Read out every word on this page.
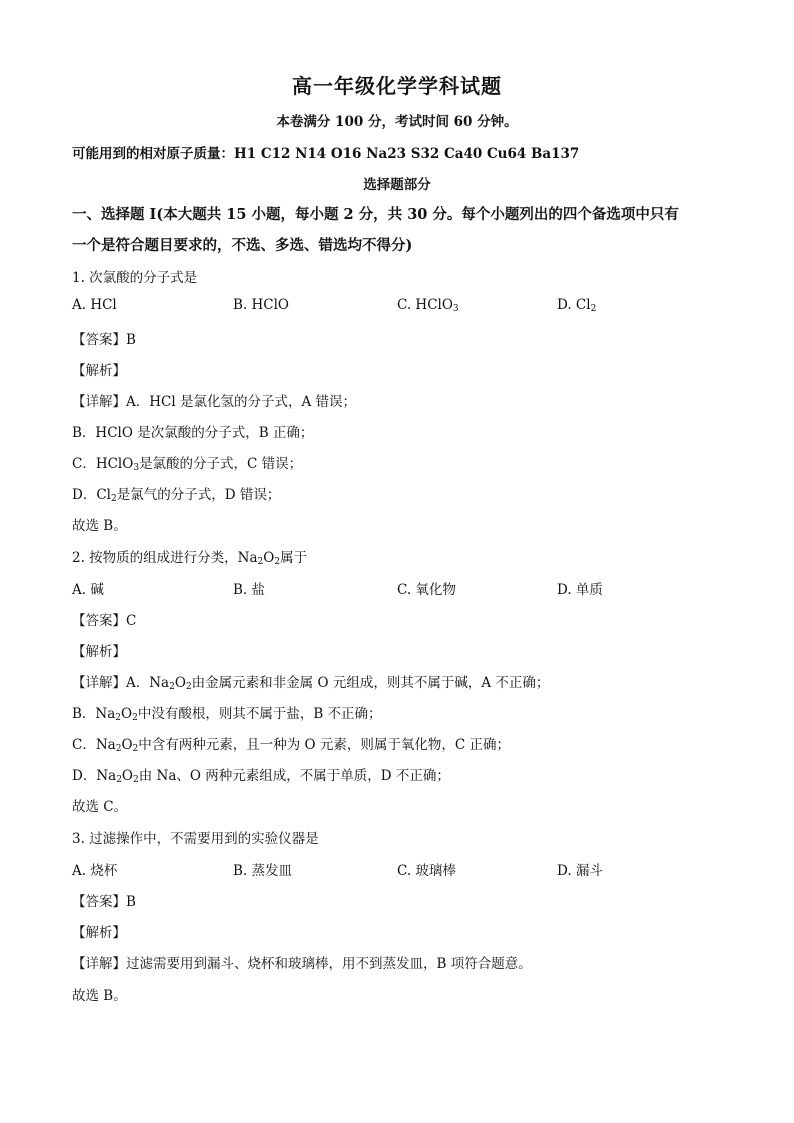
高一年级化学学科试题
本卷满分 100 分，考试时间 60 分钟。
可能用到的相对原子质量：H1 C12 N14 O16 Na23 S32 Ca40 Cu64 Ba137
选择题部分
一、选择题 I(本大题共 15 小题，每小题 2 分，共 30 分。每个小题列出的四个备选项中只有
一个是符合题目要求的，不选、多选、错选均不得分)
1. 次氯酸的分子式是
A. HCl	B. HClO	C. HClO$_3$	D. $Cl_2$
【答案】B
【解析】
【详解】A．HCl 是氯化氢的分子式，A 错误；
B．HClO 是次氯酸的分子式，B 正确；
C．HClO$_3$是氯酸的分子式，C 错误；
D．$Cl_2$是氯气的分子式，D 错误；
故选 B。
2. 按物质的组成进行分类，$Na_2O_2$属于
A. 碱	B. 盐	C. 氧化物	D. 单质
【答案】C
【解析】
【详解】A．$Na_2O_2$由金属元素和非金属 O 元组成，则其不属于碱，A 不正确；
B．$Na_2O_2$中没有酸根，则其不属于盐，B 不正确；
C．$Na_2O_2$中含有两种元素，且一种为 O 元素，则属于氧化物，C 正确；
D．$Na_2O_2$由 Na、O 两种元素组成，不属于单质，D 不正确；
故选 C。
3. 过滤操作中，不需要用到的实验仪器是
A. 烧杯	B. 蒸发皿	C. 玻璃棒	D. 漏斗
【答案】B
【解析】
【详解】过滤需要用到漏斗、烧杯和玻璃棒，用不到蒸发皿，B 项符合题意。
故选 B。
